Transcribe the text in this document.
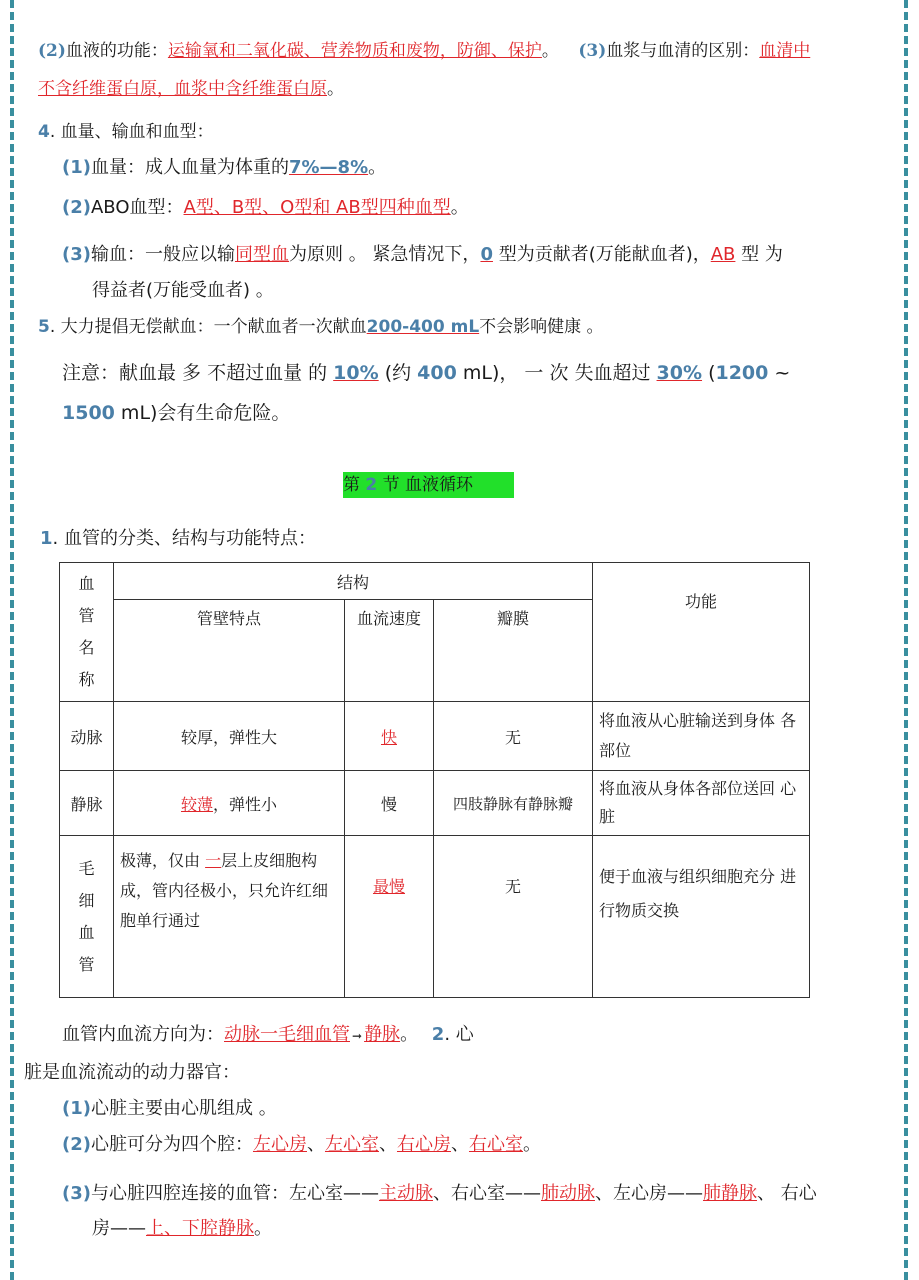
(2)血液的功能：运输氧和二氧化碳、营养物质和废物，防御、保护。 (3)血浆与血清的区别：血清中
不含纤维蛋白原，血浆中含纤维蛋白原。
4. 血量、输血和血型：
(1)血量：成人血量为体重的7%—8%。
(2)ABO血型：A型、B型、O型和 AB型四种血型。
(3)输血：一般应以输同型血为原则 。 紧急情况下，0 型为贡献者(万能献血者)，AB 型 为
得益者(万能受血者) 。
5. 大力提倡无偿献血：一个献血者一次献血200-400 mL不会影响健康 。
注意：献血最 多 不超过血量 的 10% (约 400 mL)， 一 次 失血超过 30% (1200 ~
1500 mL)会有生命危险。
第 2 节 血液循环
1. 血管的分类、结构与功能特点：
血
管
名
称	结构			功能
	管壁特点	血流速度	瓣膜	
动脉	较厚，弹性大	快	无	将血液从心脏输送到身体 各部位
静脉	较薄，弹性小	慢	四肢静脉有静脉瓣	将血液从身体各部位送回 心脏

毛
细
血
管	极薄，仅由 一层上皮细胞构 成，管内径极小，只允许红细 胞单行通过	最慢	无	便于血液与组织细胞充分 进行物质交换
血管内血流方向为：动脉一毛细血管 ➞ 静脉。 2. 心
脏是血流流动的动力器官：
(1)心脏主要由心肌组成 。
(2)心脏可分为四个腔：左心房、左心室、右心房、右心室。
(3)与心脏四腔连接的血管：左心室——主动脉、右心室——肺动脉、左心房——肺静脉、 右心
房——上、下腔静脉。
